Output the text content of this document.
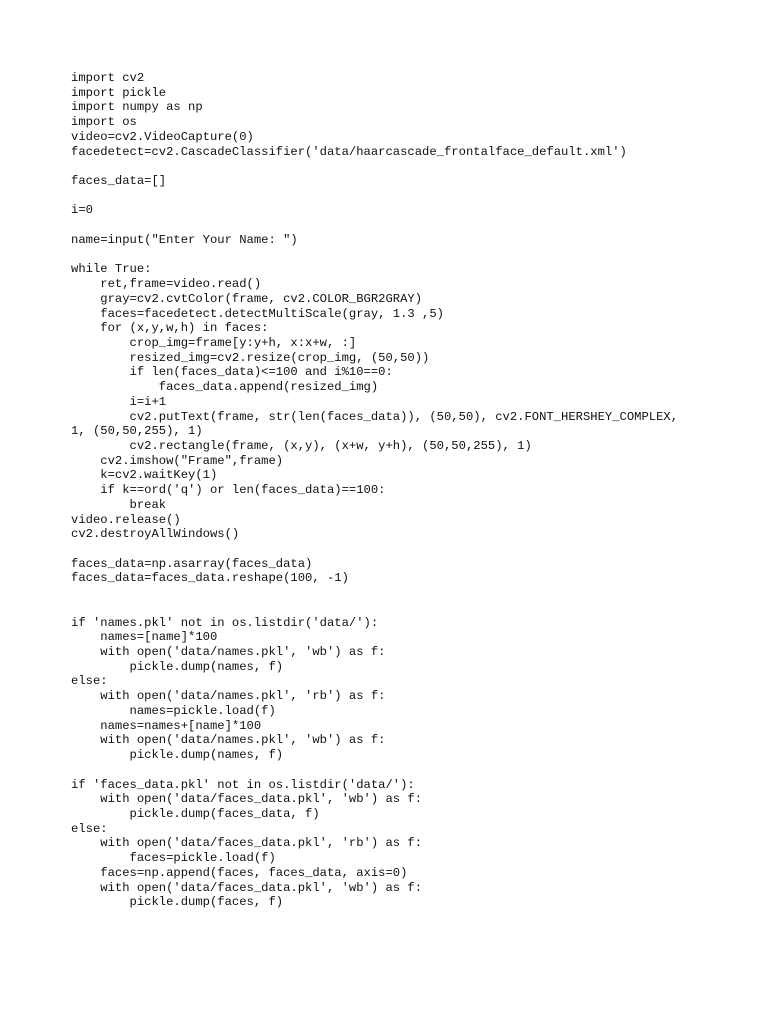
import cv2
import pickle
import numpy as np
import os
video=cv2.VideoCapture(0)
facedetect=cv2.CascadeClassifier('data/haarcascade_frontalface_default.xml')
faces_data=[]
i=0
name=input("Enter Your Name: ")
while True:
ret,frame=video.read()
gray=cv2.cvtColor(frame, cv2.COLOR_BGR2GRAY)
faces=facedetect.detectMultiScale(gray, 1.3 ,5)
for (x,y,w,h) in faces:
crop_img=frame[y:y+h, x:x+w, :]
resized_img=cv2.resize(crop_img, (50,50))
if len(faces_data)<=100 and i%10==0:
faces_data.append(resized_img)
i=i+1
cv2.putText(frame, str(len(faces_data)), (50,50), cv2.FONT_HERSHEY_COMPLEX,
1, (50,50,255), 1)
cv2.rectangle(frame, (x,y), (x+w, y+h), (50,50,255), 1)
cv2.imshow("Frame",frame)
k=cv2.waitKey(1)
if k==ord('q') or len(faces_data)==100:
break
video.release()
cv2.destroyAllWindows()
faces_data=np.asarray(faces_data)
faces_data=faces_data.reshape(100, -1)
if 'names.pkl' not in os.listdir('data/'):
names=[name]*100
with open('data/names.pkl', 'wb') as f:
pickle.dump(names, f)
else:
with open('data/names.pkl', 'rb') as f:
names=pickle.load(f)
names=names+[name]*100
with open('data/names.pkl', 'wb') as f:
pickle.dump(names, f)
if 'faces_data.pkl' not in os.listdir('data/'):
with open('data/faces_data.pkl', 'wb') as f:
pickle.dump(faces_data, f)
else:
with open('data/faces_data.pkl', 'rb') as f:
faces=pickle.load(f)
faces=np.append(faces, faces_data, axis=0)
with open('data/faces_data.pkl', 'wb') as f:
pickle.dump(faces, f)
